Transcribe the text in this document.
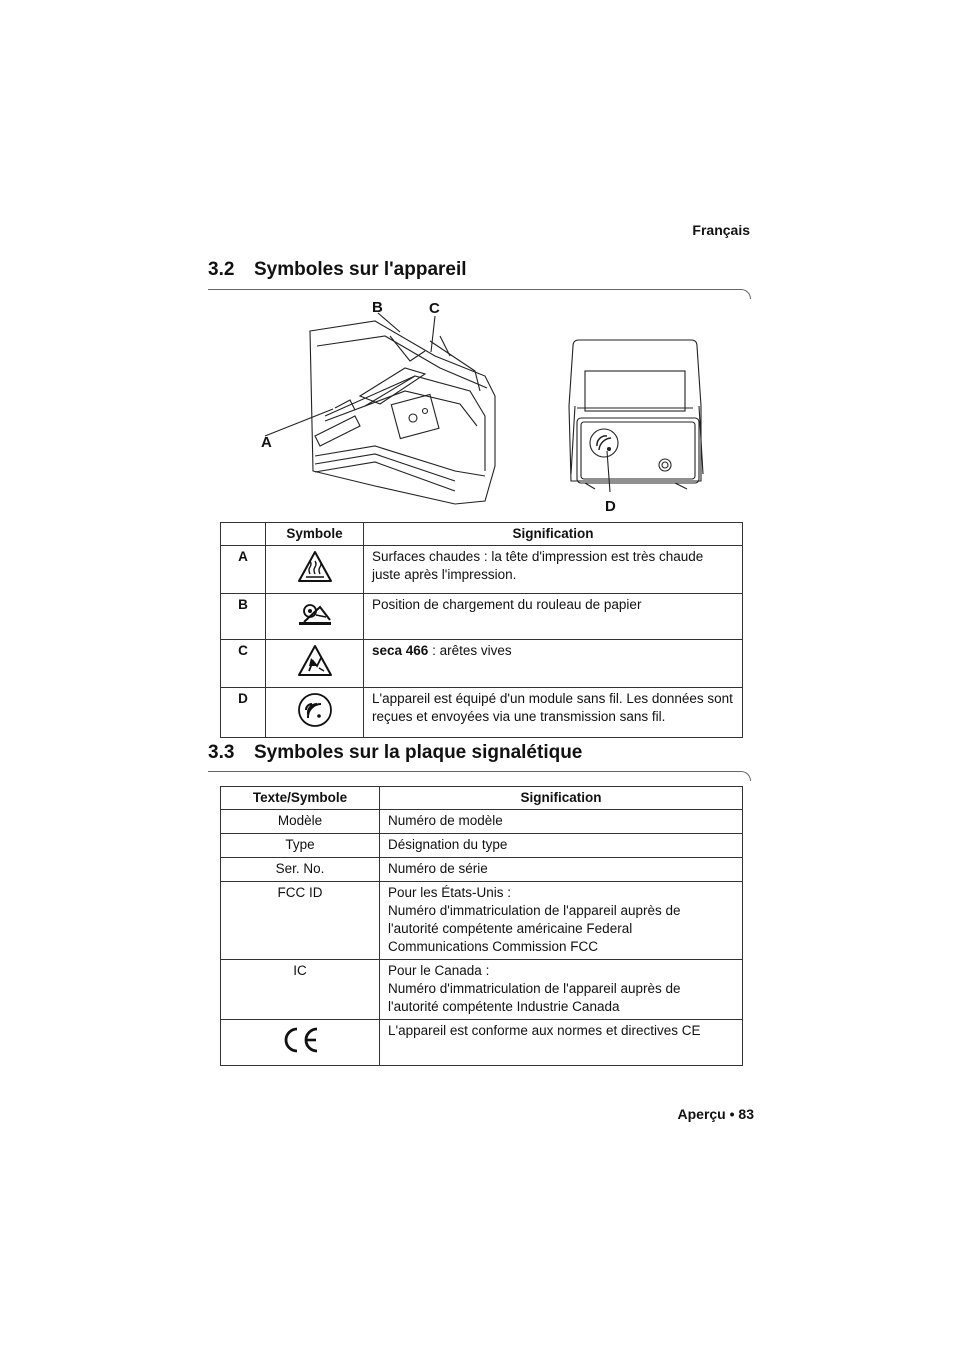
Français
3.2 Symboles sur l'appareil
B	C
A
D
	Symbole	Signification
A		Surfaces chaudes : la tête d'impression est très chaude juste après l'impression.
B		Position de chargement du rouleau de papier
C		seca 466 : arêtes vives
D		L'appareil est équipé d'un module sans fil. Les données sont reçues et envoyées via une transmission sans fil.
3.3 Symboles sur la plaque signalétique
Texte/Symbole	Signification
Modèle	Numéro de modèle
Type	Désignation du type
Ser. No.	Numéro de série
FCC ID	Pour les États-Unis :
Numéro d'immatriculation de l'appareil auprès de l'autorité compétente américaine Federal Communications Commission FCC
IC	Pour le Canada :
Numéro d'immatriculation de l'appareil auprès de l'autorité compétente Industrie Canada
	L'appareil est conforme aux normes et directives CE
Aperçu • 83
